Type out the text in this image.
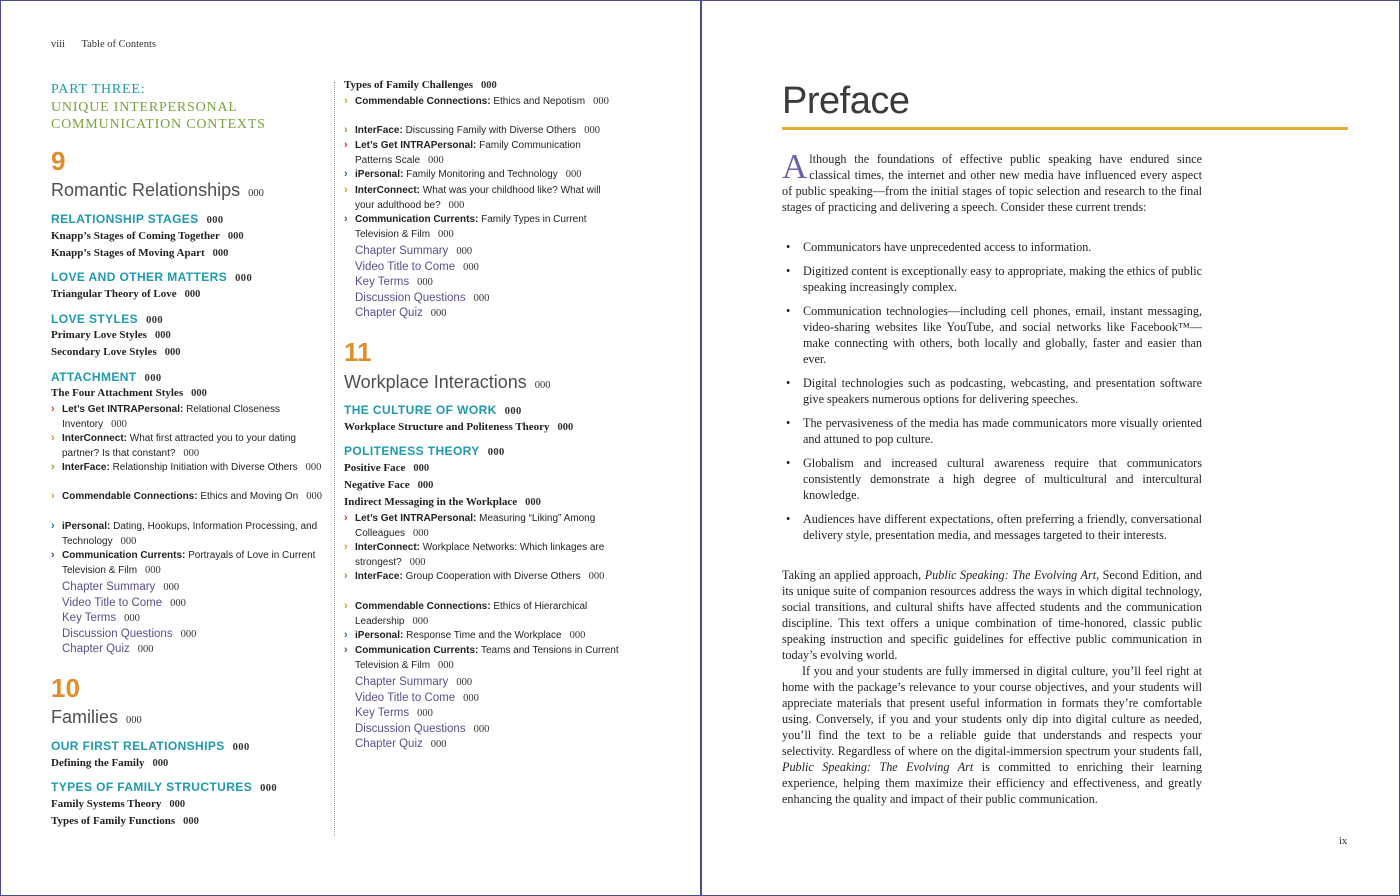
viii Table of Contents
PART THREE:
UNIQUE INTERPERSONAL
COMMUNICATION CONTEXTS
9
Romantic Relationships 000
RELATIONSHIP STAGES 000
Knapp’s Stages of Coming Together 000
Knapp’s Stages of Moving Apart 000
LOVE AND OTHER MATTERS 000
Triangular Theory of Love 000
LOVE STYLES 000
Primary Love Styles 000
Secondary Love Styles 000
ATTACHMENT 000
The Four Attachment Styles 000
› Let’s Get INTRAPersonal: Relational Closeness Inventory 000
› InterConnect: What first attracted you to your dating partner? Is that constant? 000
› InterFace: Relationship Initiation with Diverse Others 000
› Commendable Connections: Ethics and Moving On 000
› iPersonal: Dating, Hookups, Information Processing, and Technology 000
› Communication Currents: Portrayals of Love in Current Television & Film 000
Chapter Summary 000
Video Title to Come 000
Key Terms 000
Discussion Questions 000
Chapter Quiz 000
10
Families 000
OUR FIRST RELATIONSHIPS 000
Defining the Family 000
TYPES OF FAMILY STRUCTURES 000
Family Systems Theory 000
Types of Family Functions 000
Types of Family Challenges 000
› Commendable Connections: Ethics and Nepotism 000
› InterFace: Discussing Family with Diverse Others 000
› Let’s Get INTRAPersonal: Family Communication Patterns Scale 000
› iPersonal: Family Monitoring and Technology 000
› InterConnect: What was your childhood like? What will your adulthood be? 000
› Communication Currents: Family Types in Current Television & Film 000
Chapter Summary 000
Video Title to Come 000
Key Terms 000
Discussion Questions 000
Chapter Quiz 000
11
Workplace Interactions 000
THE CULTURE OF WORK 000
Workplace Structure and Politeness Theory 000
POLITENESS THEORY 000
Positive Face 000
Negative Face 000
Indirect Messaging in the Workplace 000
› Let’s Get INTRAPersonal: Measuring “Liking” Among Colleagues 000
› InterConnect: Workplace Networks: Which linkages are strongest? 000
› InterFace: Group Cooperation with Diverse Others 000
› Commendable Connections: Ethics of Hierarchical Leadership 000
› iPersonal: Response Time and the Workplace 000
› Communication Currents: Teams and Tensions in Current Television & Film 000
Chapter Summary 000
Video Title to Come 000
Key Terms 000
Discussion Questions 000
Chapter Quiz 000
Preface
Although the foundations of effective public speaking have endured since classical times, the internet and other new media have influenced every aspect of public speaking—from the initial stages of topic selection and research to the final stages of practicing and delivering a speech. Consider these current trends:
• Communicators have unprecedented access to information.
• Digitized content is exceptionally easy to appropriate, making the ethics of public speaking increasingly complex.
• Communication technologies—including cell phones, email, instant messaging, video-sharing websites like YouTube, and social networks like Facebook™—make connecting with others, both locally and globally, faster and easier than ever.
• Digital technologies such as podcasting, webcasting, and presentation software give speakers numerous options for delivering speeches.
• The pervasiveness of the media has made communicators more visually oriented and attuned to pop culture.
• Globalism and increased cultural awareness require that communicators consistently demonstrate a high degree of multicultural and intercultural knowledge.
• Audiences have different expectations, often preferring a friendly, conversational delivery style, presentation media, and messages targeted to their interests.
Taking an applied approach, Public Speaking: The Evolving Art, Second Edition, and its unique suite of companion resources address the ways in which digital technology, social transitions, and cultural shifts have affected students and the communication discipline. This text offers a unique combination of time-honored, classic public speaking instruction and specific guidelines for effective public communication in today’s evolving world.
If you and your students are fully immersed in digital culture, you’ll feel right at home with the package’s relevance to your course objectives, and your students will appreciate materials that present useful information in formats they’re comfortable using. Conversely, if you and your students only dip into digital culture as needed, you’ll find the text to be a reliable guide that understands and respects your selectivity. Regardless of where on the digital-immersion spectrum your students fall, Public Speaking: The Evolving Art is committed to enriching their learning experience, helping them maximize their efficiency and effectiveness, and greatly enhancing the quality and impact of their public communication.
ix
